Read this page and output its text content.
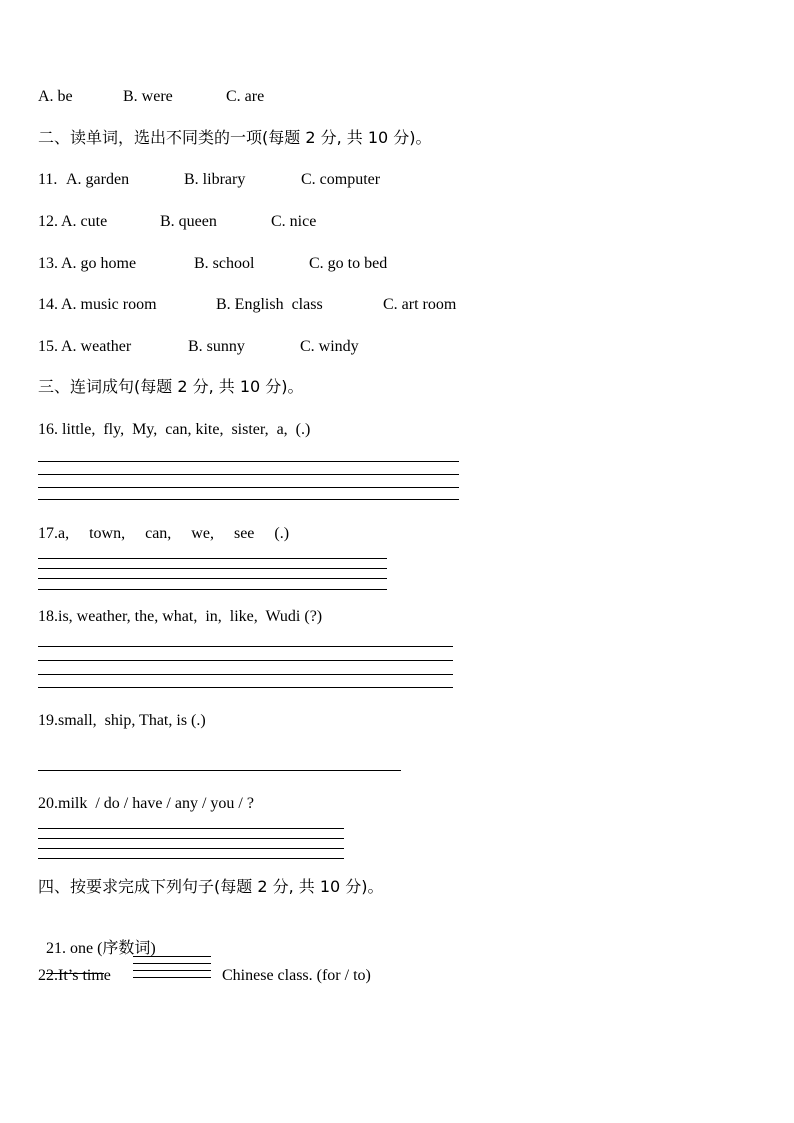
A. be

	B. were

	C. are

二、读单词，选出不同类的一项(每题 2 分, 共 10 分)。

11.

A. garden

	B. library

	C. computer

12.

A. cute

	B. queen

	C. nice

13.

A. go home

	B. school

	C. go to bed

14.

A. music room

	B. English  class

	C. art room

15.

A. weather

	B. sunny

	C. windy

三、连词成句(每题 2 分, 共 10 分)。
16. little,  fly,  My,  can, kite,  sister,  a,  (.)
17.a,     town,     can,     we,     see     (.)
18.is, weather, the, what,  in,  like,  Wudi (?)
19.small,  ship, That, is (.)
20.milk  / do / have / any / you / ?
四、按要求完成下列句子(每题 2 分, 共 10 分)。

21. one (序数词)

22.It’s time	Chinese class. (for / to)
